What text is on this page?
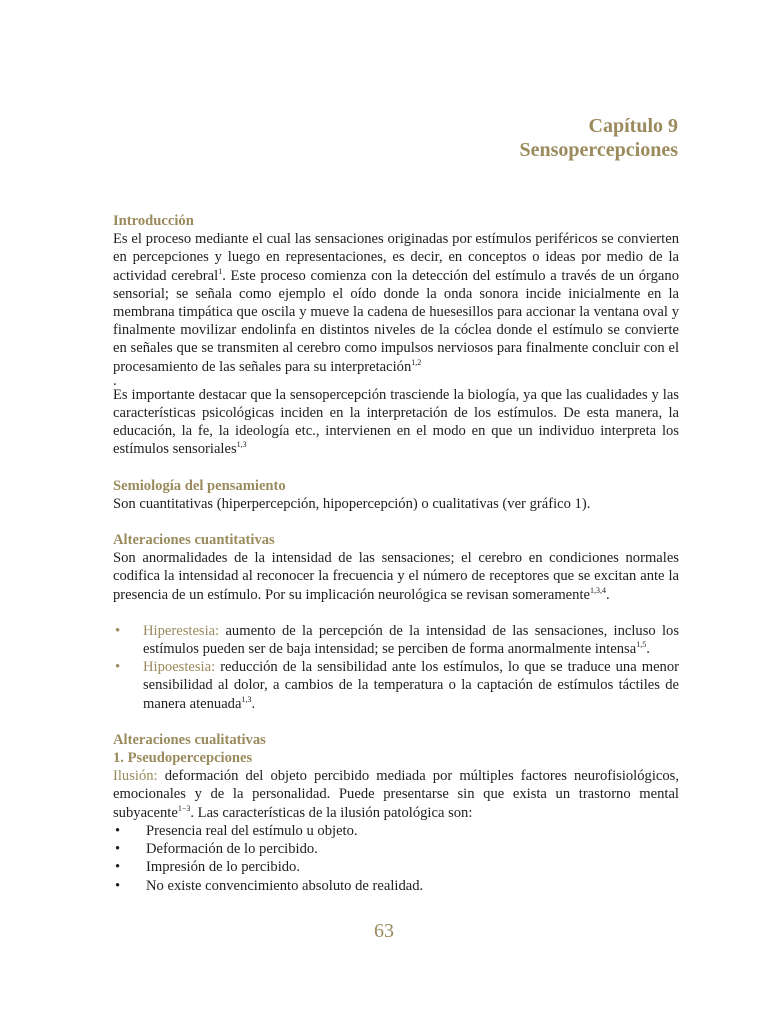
Capítulo 9
Sensopercepciones
Introducción

Es el proceso mediante el cual las sensaciones originadas por estímulos periféricos se convierten en percepciones y luego en representaciones, es decir, en conceptos o ideas por medio de la actividad cerebral$^1$. Este proceso comienza con la detección del estímulo a través de un órgano sensorial; se señala como ejemplo el oído donde la onda sonora incide inicialmente en la membrana timpática que oscila y mueve la cadena de huesesillos para accionar la ventana oval y finalmente movilizar endolinfa en distintos niveles de la cóclea donde el estímulo se convierte en señales que se transmiten al cerebro como impulsos nerviosos para finalmente concluir con el procesamiento de las señales para su interpretación$^{1,2}$

.

Es importante destacar que la sensopercepción trasciende la biología, ya que las cualidades y las características psicológicas inciden en la interpretación de los estímulos. De esta manera, la educación, la fe, la ideología etc., intervienen en el modo en que un individuo interpreta los estímulos sensoriales$^{1,3}$

Semiología del pensamiento

Son cuantitativas (hiperpercepción, hipopercepción) o cualitativas (ver gráfico 1).

Alteraciones cuantitativas

Son anormalidades de la intensidad de las sensaciones; el cerebro en condiciones normales codifica la intensidad al reconocer la frecuencia y el número de receptores que se excitan ante la presencia de un estímulo. Por su implicación neurológica se revisan someramente$^{1,3,4}$.

• Hiperestesia: aumento de la percepción de la intensidad de las sensaciones, incluso los estímulos pueden ser de baja intensidad; se perciben de forma anormalmente intensa$^{1,5}$.
• Hipoestesia: reducción de la sensibilidad ante los estímulos, lo que se traduce una menor sensibilidad al dolor, a cambios de la temperatura o la captación de estímulos táctiles de manera atenuada$^{1,3}$.
Alteraciones cualitativas
1. Pseudopercepciones

Ilusión: deformación del objeto percibido mediada por múltiples factores neurofisiológicos, emocionales y de la personalidad. Puede presentarse sin que exista un trastorno mental subyacente$^{1-3}$. Las características de la ilusión patológica son:

• Presencia real del estímulo u objeto.
• Deformación de lo percibido.
• Impresión de lo percibido.
• No existe convencimiento absoluto de realidad.
63
